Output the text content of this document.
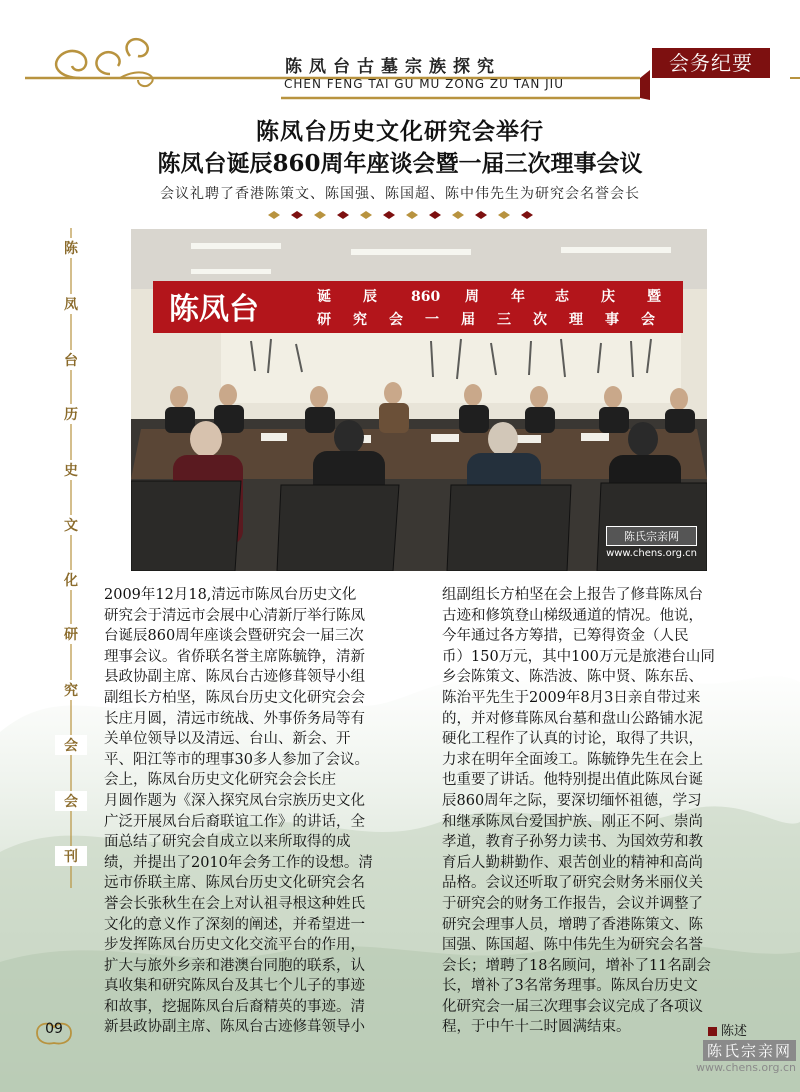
陈凤台古墓宗族探究
CHEN FENG TAI GU MU ZONG ZU TAN JIU
会务纪要
陈凤台历史文化研究会举行
陈凤台诞辰860周年座谈会暨一届三次理事会议
会议礼聘了香港陈策文、陈国强、陈国超、陈中伟先生为研究会名誉会长
陈
凤
台
历
史
文
化
研
究
会
会
刊
陈凤台	诞 辰 860 周 年 志 庆 暨
研 究 会 一 届 三 次 理 事 会
陈氏宗亲网
www.chens.org.cn

2009年12月18,清远市陈凤台历史文化

研究会于清远市会展中心清新厅举行陈凤

台诞辰860周年座谈会暨研究会一届三次

理事会议。省侨联名誉主席陈毓铮，清新

县政协副主席、陈凤台古迹修葺领导小组

副组长方柏坚，陈凤台历史文化研究会会

长庄月圆，清远市统战、外事侨务局等有

关单位领导以及清远、台山、新会、开

平、阳江等市的理事30多人参加了会议。

会上，陈凤台历史文化研究会会长庄

月圆作题为《深入探究凤台宗族历史文化

广泛开展凤台后裔联谊工作》的讲话，全

面总结了研究会自成立以来所取得的成

绩，并提出了2010年会务工作的设想。清

远市侨联主席、陈凤台历史文化研究会名

誉会长张秋生在会上对认祖寻根这种姓氏

文化的意义作了深刻的阐述，并希望进一

步发挥陈凤台历史文化交流平台的作用，

扩大与旅外乡亲和港澳台同胞的联系，认

真收集和研究陈凤台及其七个儿子的事迹

和故事，挖掘陈凤台后裔精英的事迹。清

新县政协副主席、陈凤台古迹修葺领导小

组副组长方柏坚在会上报告了修葺陈凤台

古迹和修筑登山梯级通道的情况。他说，

今年通过各方筹措，已筹得资金（人民

币）150万元，其中100万元是旅港台山同

乡会陈策文、陈浩波、陈中贤、陈东岳、

陈治平先生于2009年8月3日亲自带过来

的，并对修葺陈凤台墓和盘山公路铺水泥

硬化工程作了认真的讨论，取得了共识，

力求在明年全面竣工。陈毓铮先生在会上

也重要了讲话。他特别提出值此陈凤台诞

辰860周年之际，要深切缅怀祖德，学习

和继承陈凤台爱国护族、刚正不阿、崇尚

孝道，教育子孙努力读书、为国效劳和教

育后人勤耕勤作、艰苦创业的精神和高尚

品格。会议还听取了研究会财务米丽仪关

于研究会的财务工作报告，会议并调整了

研究会理事人员，增聘了香港陈策文、陈

国强、陈国超、陈中伟先生为研究会名誉

会长；增聘了18名顾问，增补了11名副会

长，增补了3名常务理事。陈凤台历史文

化研究会一届三次理事会议完成了各项议

程，于中午十二时圆满结束。

09	陈述
陈氏宗亲网
www.chens.org.cn
